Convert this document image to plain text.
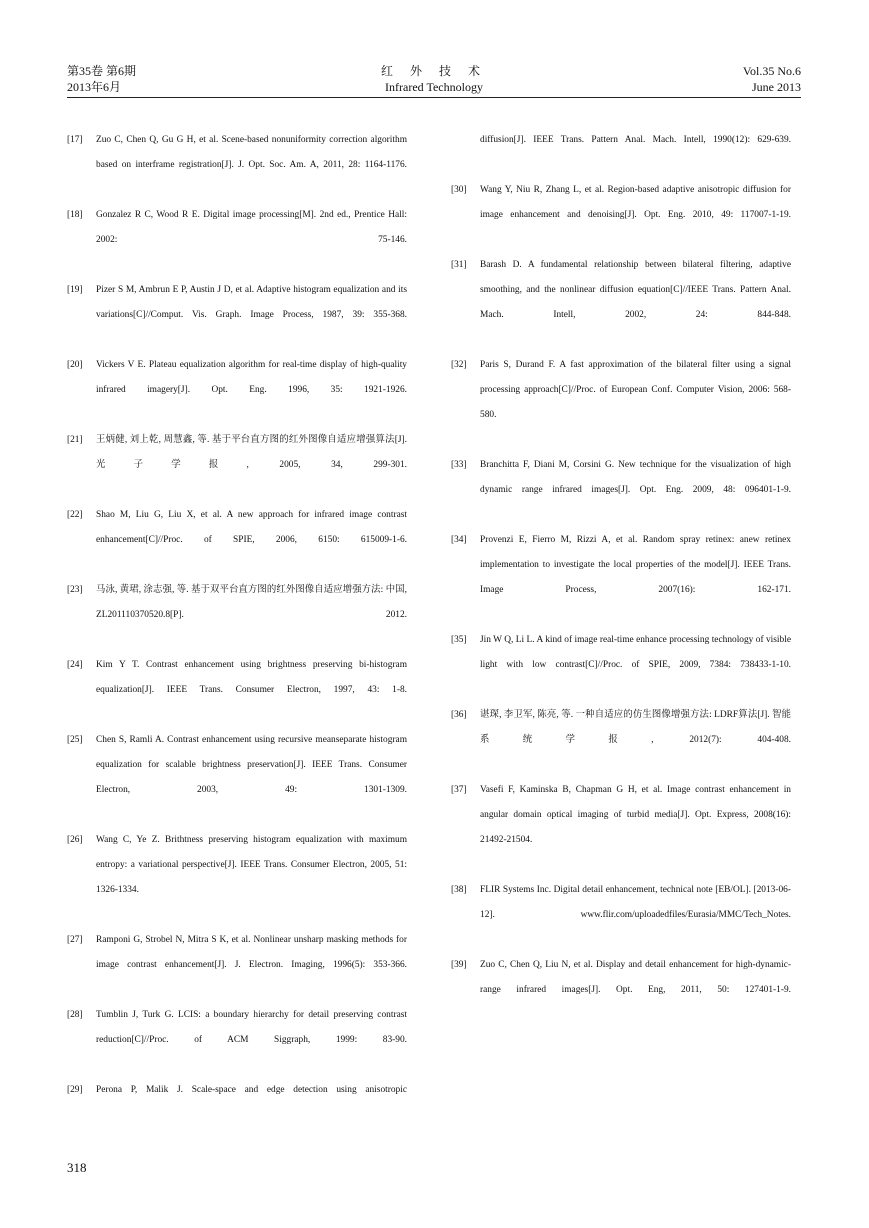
第35卷 第6期
2013年6月
红 外 技 术
Infrared Technology
Vol.35 No.6
June 2013

[17] Zuo C, Chen Q, Gu G H, et al. Scene-based nonuniformity correction algorithm based on interframe registration[J]. J. Opt. Soc. Am. A, 2011, 28: 1164-1176.

[18] Gonzalez R C, Wood R E. Digital image processing[M]. 2nd ed., Prentice Hall: 2002: 75-146.

[19] Pizer S M, Ambrun E P, Austin J D, et al. Adaptive histogram equalization and its variations[C]//Comput. Vis. Graph. Image Process, 1987, 39: 355-368.

[20] Vickers V E. Plateau equalization algorithm for real-time display of high-quality infrared imagery[J]. Opt. Eng. 1996, 35: 1921-1926.

[21] 王炳健, 刘上乾, 周慧鑫, 等. 基于平台直方图的红外图像自适应增强算法[J]. 光子学报, 2005, 34, 299-301.

[22] Shao M, Liu G, Liu X, et al. A new approach for infrared image contrast enhancement[C]//Proc. of SPIE, 2006, 6150: 615009-1-6.

[23] 马泳, 黄珺, 涂志强, 等. 基于双平台直方图的红外图像自适应增强方法: 中国, ZL201110370520.8[P]. 2012.

[24] Kim Y T. Contrast enhancement using brightness preserving bi-histogram equalization[J]. IEEE Trans. Consumer Electron, 1997, 43: 1-8.

[25] Chen S, Ramli A. Contrast enhancement using recursive meanseparate histogram equalization for scalable brightness preservation[J]. IEEE Trans. Consumer Electron, 2003, 49: 1301-1309.

[26] Wang C, Ye Z. Brithtness preserving histogram equalization with maximum entropy: a variational perspective[J]. IEEE Trans. Consumer Electron, 2005, 51: 1326-1334.

[27] Ramponi G, Strobel N, Mitra S K, et al. Nonlinear unsharp masking methods for image contrast enhancement[J]. J. Electron. Imaging, 1996(5): 353-366.

[28] Tumblin J, Turk G. LCIS: a boundary hierarchy for detail preserving contrast reduction[C]//Proc. of ACM Siggraph, 1999: 83-90.

[29] Perona P, Malik J. Scale-space and edge detection using anisotropic

diffusion[J]. IEEE Trans. Pattern Anal. Mach. Intell, 1990(12): 629-639.

[30] Wang Y, Niu R, Zhang L, et al. Region-based adaptive anisotropic diffusion for image enhancement and denoising[J]. Opt. Eng. 2010, 49: 117007-1-19.

[31] Barash D. A fundamental relationship between bilateral filtering, adaptive smoothing, and the nonlinear diffusion equation[C]//IEEE Trans. Pattern Anal. Mach. Intell, 2002, 24: 844-848.

[32] Paris S, Durand F. A fast approximation of the bilateral filter using a signal processing approach[C]//Proc. of European Conf. Computer Vision, 2006: 568-580.

[33] Branchitta F, Diani M, Corsini G. New technique for the visualization of high dynamic range infrared images[J]. Opt. Eng. 2009, 48: 096401-1-9.

[34] Provenzi E, Fierro M, Rizzi A, et al. Random spray retinex: anew retinex implementation to investigate the local properties of the model[J]. IEEE Trans. Image Process, 2007(16): 162-171.

[35] Jin W Q, Li L. A kind of image real-time enhance processing technology of visible light with low contrast[C]//Proc. of SPIE, 2009, 7384: 738433-1-10.

[36] 谌琛, 李卫军, 陈亮, 等. 一种自适应的仿生图像增强方法: LDRF算法[J]. 智能系统学报, 2012(7): 404-408.

[37] Vasefi F, Kaminska B, Chapman G H, et al. Image contrast enhancement in angular domain optical imaging of turbid media[J]. Opt. Express, 2008(16): 21492-21504.

[38] FLIR Systems Inc. Digital detail enhancement, technical note [EB/OL]. [2013-06-12]. www.flir.com/uploadedfiles/Eurasia/MMC/Tech_Notes.

[39] Zuo C, Chen Q, Liu N, et al. Display and detail enhancement for high-dynamic-range infrared images[J]. Opt. Eng, 2011, 50: 127401-1-9.

318
